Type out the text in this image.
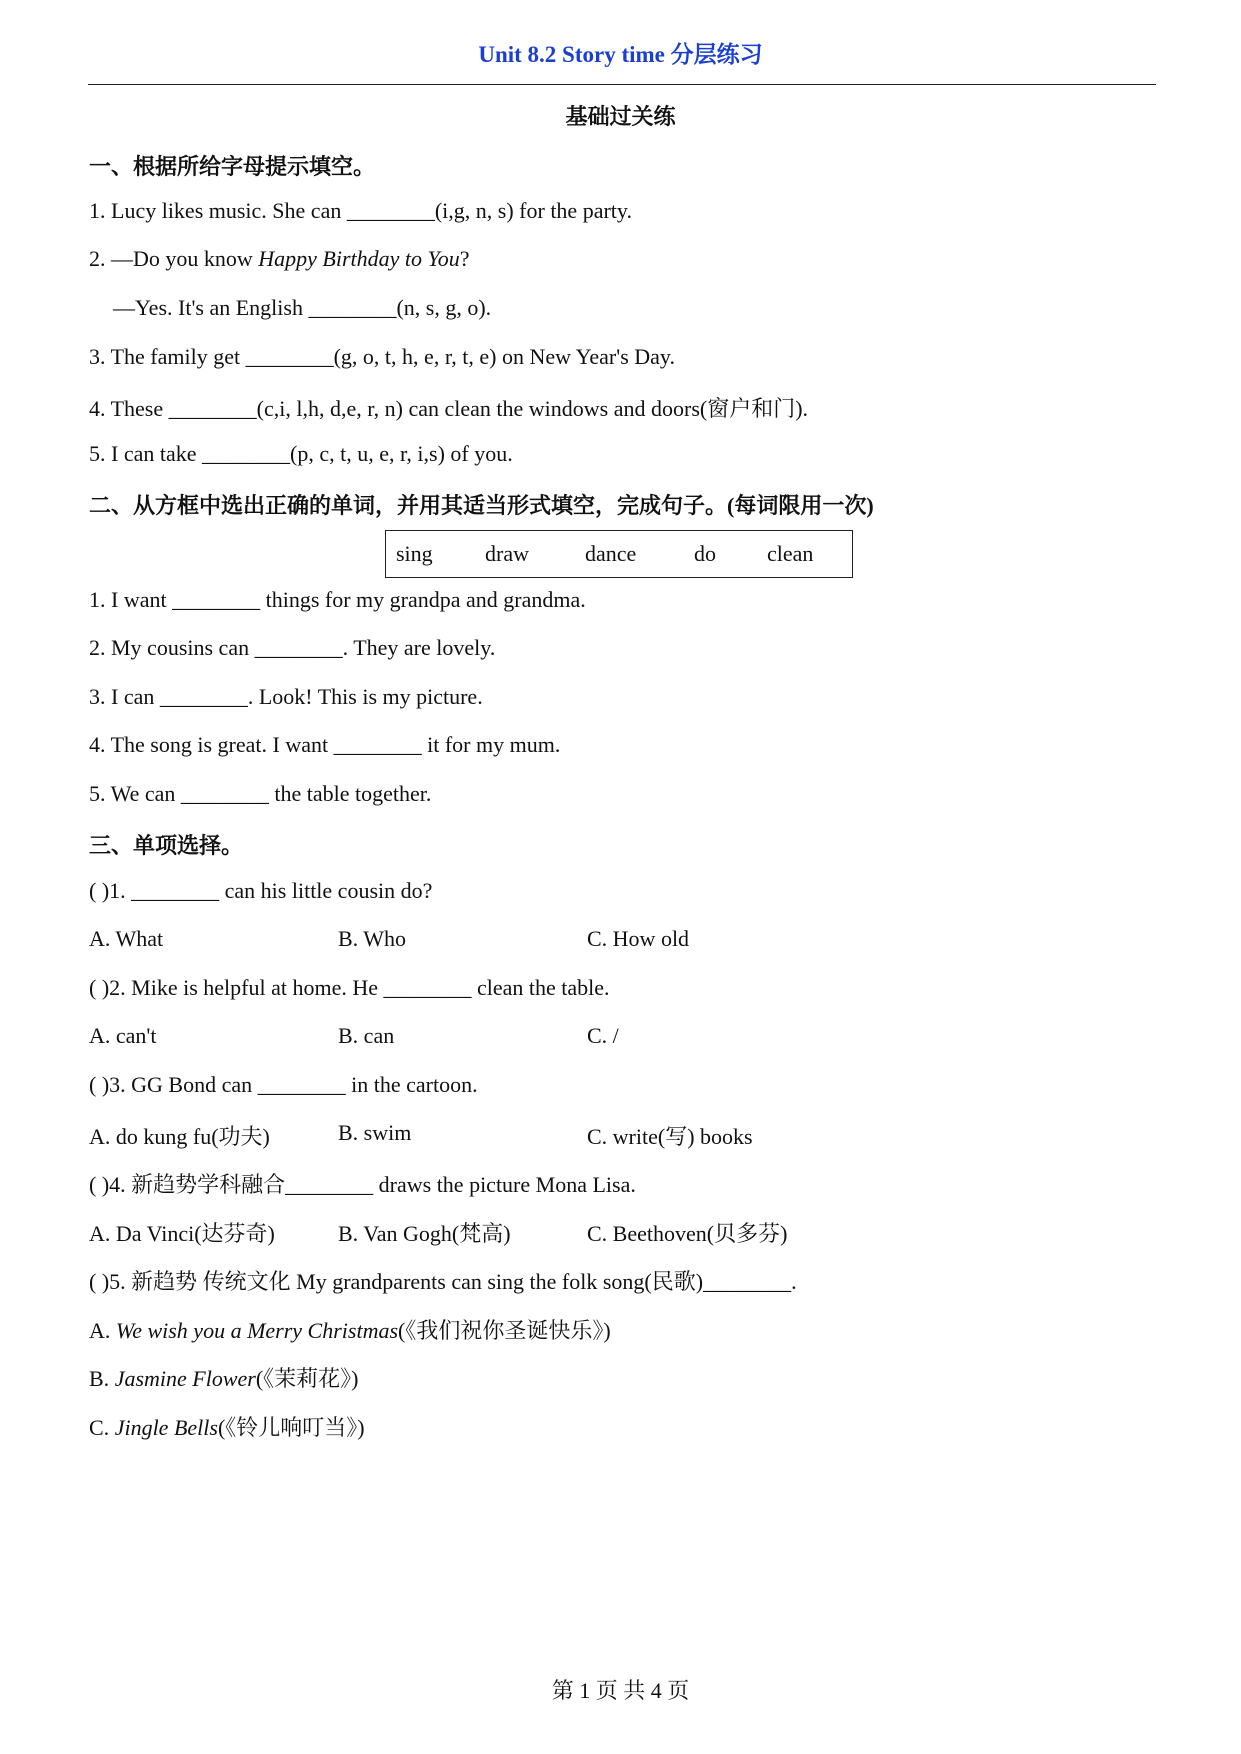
Unit 8.2 Story time 分层练习
基础过关练
一、根据所给字母提示填空。
1. Lucy likes music. She can ________(i,g, n, s) for the party.
2. —Do you know Happy Birthday to You?
—Yes. It's an English ________(n, s, g, o).
3. The family get ________(g, o, t, h, e, r, t, e) on New Year's Day.
4. These ________(c,i, l,h, d,e, r, n) can clean the windows and doors(窗户和门).
5. I can take ________(p, c, t, u, e, r, i,s) of you.
二、从方框中选出正确的单词，并用其适当形式填空，完成句子。(每词限用一次)
sing draw	dance	do clean
1. I want ________ things for my grandpa and grandma.
2. My cousins can ________. They are lovely.
3. I can ________. Look! This is my picture.
4. The song is great. I want ________ it for my mum.
5. We can ________ the table together.
三、单项选择。
( )1. ________ can his little cousin do?
A. What	B. Who	C. How old
( )2. Mike is helpful at home. He ________ clean the table.
A. can't	B. can	C. /
( )3. GG Bond can ________ in the cartoon.
A. do kung fu(功夫)	B. swim	C. write(写) books
( )4. 新趋势学科融合________ draws the picture Mona Lisa.
A. Da Vinci(达芬奇)	B. Van Gogh(梵高)	C. Beethoven(贝多芬)
( )5. 新趋势 传统文化 My grandparents can sing the folk song(民歌)________.
A. We wish you a Merry Christmas(《我们祝你圣诞快乐》)
B. Jasmine Flower(《茉莉花》)
C. Jingle Bells(《铃儿响叮当》)
第 1 页 共 4 页
